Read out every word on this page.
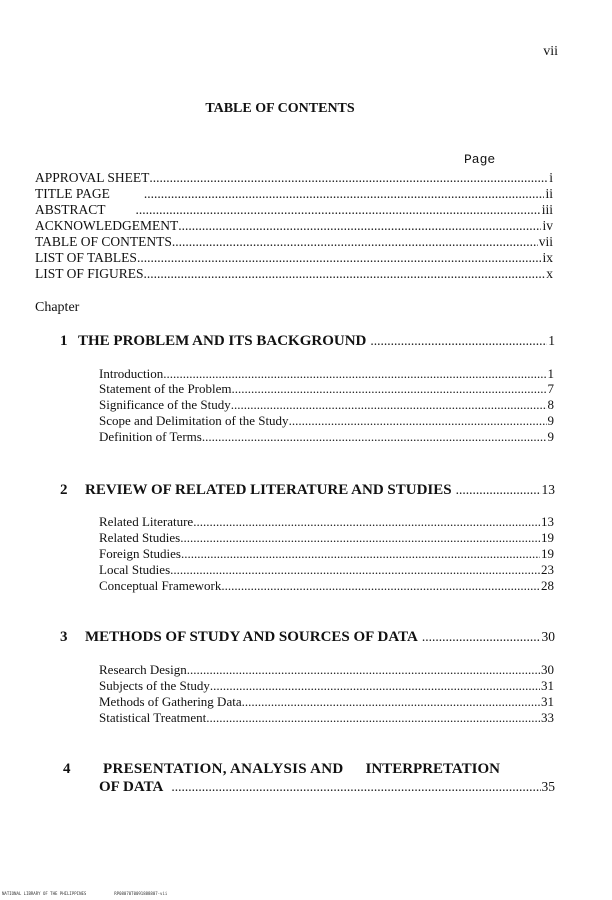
vii
TABLE OF CONTENTS
Page
APPROVAL SHEET .....	i
TITLE PAGE .....	ii
ABSTRACT .....	iii
ACKNOWLEDGEMENT .....	iv
TABLE OF CONTENTS .....	vii
LIST OF TABLES .....	ix
LIST OF FIGURES .....	x
Chapter
1 THE PROBLEM AND ITS BACKGROUND .....	1
Introduction .....	1
Statement of the Problem .....	7
Significance of the Study .....	8
Scope and Delimitation of the Study .....	9
Definition of Terms .....	9
2	REVIEW OF RELATED LITERATURE AND STUDIES .....	13
Related Literature .....	13
Related Studies .....	19
Foreign Studies .....	19
Local Studies .....	23
Conceptual Framework .....	28
3	METHODS OF STUDY AND SOURCES OF DATA .....	30
Research Design .....	30
Subjects of the Study .....	31
Methods of Gathering Data .....	31
Statistical Treatment .....	33
4 PRESENTATION, ANALYSIS AND INTERPRETATION
OF DATA .....	35
NATIONAL LIBRARY OF THE PHILIPPINES	RP08070T0091888807-vii
